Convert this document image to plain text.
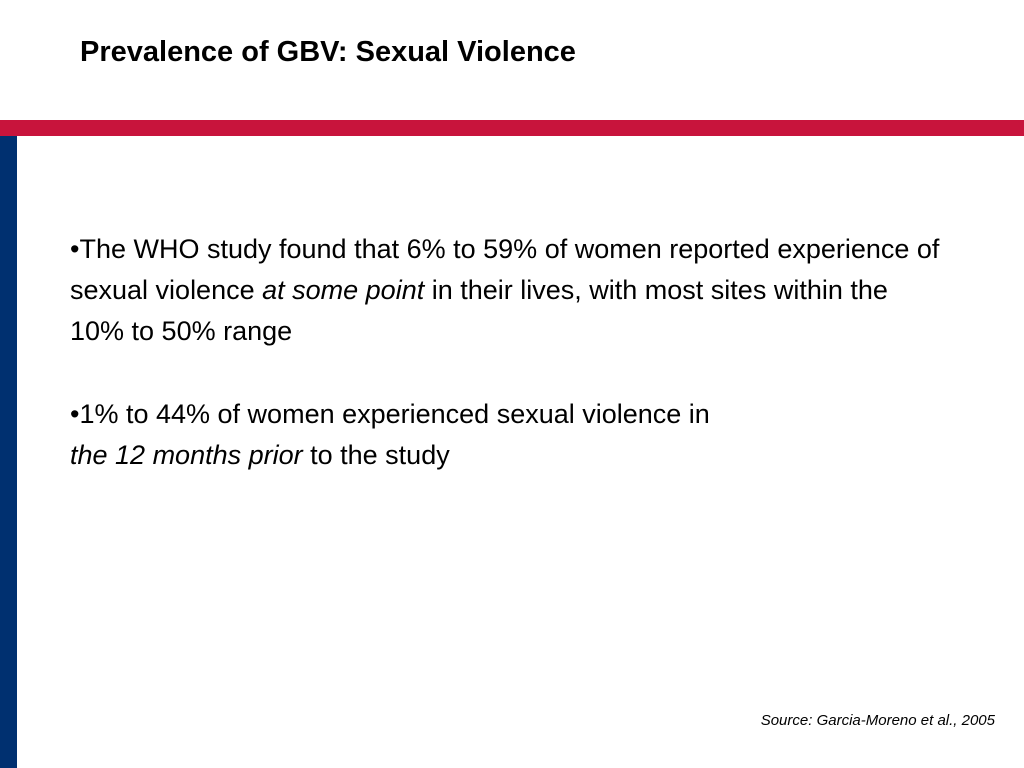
Prevalence of GBV: Sexual Violence

•The WHO study found that 6% to 59% of women reported experience of sexual violence at some point in their lives, with most sites within the 10% to 50% range

•1% to 44% of women experienced sexual violence in
the 12 months prior to the study

Source: Garcia-Moreno et al., 2005
